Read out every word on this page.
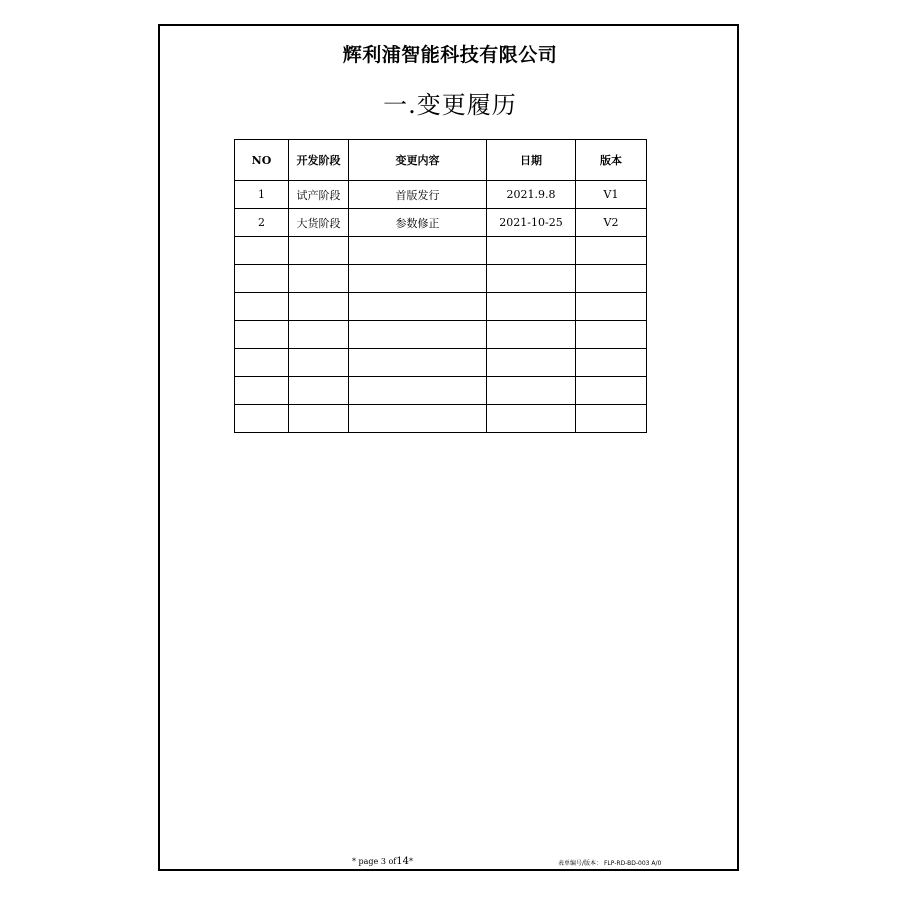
辉利浦智能科技有限公司
一.变更履历
NO	开发阶段	变更内容	日期	版本
1	试产阶段	首版发行	2021.9.8	V1
2	大货阶段	参数修正	2021-10-25	V2

* page 3 of14*	表单编号/版本： FLP-RD-BD-003 A/0
